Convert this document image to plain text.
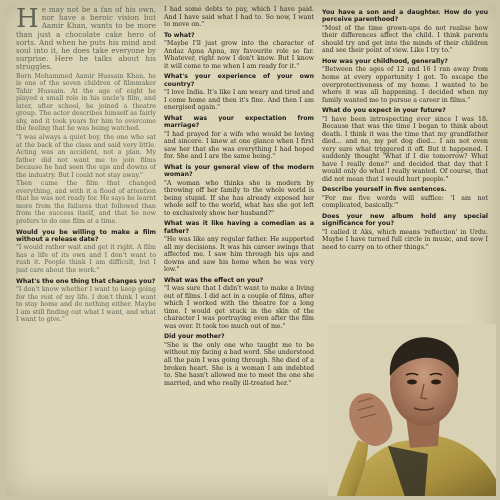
He may not be a fan of his own, nor have a heroic vision but Aamir Khan, wants to be more than just a chocolate cake hero of sorts. And when he puts his mind and soul into it, he does take everyone by surprise. Here he talks about his struggles.

Born Mohammed Aamir Hussain Khan, he is one of the seven children of filmmaker Tahir Hussain. At the age of eight he played a small role in his uncle's film, and later, after school, he joined a theatre group. The actor describes himself as fairly shy, and it took years for him to overcome the feeling that he was being watched.

"I was always a quiet boy, the one who sat at the back of the class and said very little. Acting was an accident, not a plan. My father did not want me to join films because he had seen the ups and downs of the industry. But I could not stay away."

Then came the film that changed everything, and with it a flood of attention that he was not ready for. He says he learnt more from the failures that followed than from the success itself, and that he now prefers to do one film at a time.

Would you be willing to make a film without a release date?

"I would rather wait and get it right. A film has a life of its own and I don't want to rush it. People think I am difficult, but I just care about the work."

What's the one thing that changes you?

"I don't know whether I want to keep going for the rest of my life. I don't think I want to stay home and do nothing either. Maybe I am still finding out what I want, and what I want to give."

I had some debts to pay, which I have paid. And I have said what I had to. So now, I want to move on."

To what?

"Maybe I'll just grow into the character of Andaz Apna Apna, my favourite role so far. Whatever, right now I don't know. But I know it will come to me when I am ready for it."

What's your experience of your own country?

"I love India. It's like I am weary and tired and I come home and then it's fine. And then I am energised again."

What was your expectation from marriage?

"I had prayed for a wife who would be loving and sincere. I knew at one glance when I first saw her that she was everything I had hoped for. She and I are the same being."

What is your general view of the modern woman?

"A woman who thinks she is modern by throwing off her family to the whole world is being stupid. If she has already exposed her whole self to the world, what has she got left to exclusively show her husband?"

What was it like having a comedian as a father?

"He was like any regular father. He supported all my decisions. It was his career swings that affected me. I saw him through his ups and downs and saw his home when he was very low."

What was the effect on you?

"I was sure that I didn't want to make a living out of films. I did act in a couple of films, after which I worked with the theatre for a long time. I would get stuck in the skin of the character I was portraying even after the film was over. It took too much out of me."

Did your mother?

"She is the only one who taught me to be without my facing a bad word. She understood all the pain I was going through. She died of a broken heart. She is a woman I am indebted to. She hasn't allowed me to meet the one she married, and who really ill-treated her."

You have a son and a daughter. How do you perceive parenthood?

"Most of the time grown-ups do not realise how their differences affect the child. I think parents should try and get into the minds of their children and see their point of view. Like I try to."

How was your childhood, generally?

"Between the ages of 12 and 16 I ran away from home at every opportunity I got. To escape the overprotectiveness of my home. I wanted to be where it was all happening. I decided when my family wanted me to pursue a career in films."

What do you expect in your future?

"I have been introspecting ever since I was 18. Because that was the time I began to think about death. I think it was the time that my grandfather died... and no, my pet dog died... I am not even very sure what triggered it off. But it happened. I suddenly thought 'What if I die tomorrow? What have I really done?' and decided that day that I would only do what I really wanted. Of course, that did not mean that I would hurt people."

Describe yourself in five sentences.

"For me five words will suffice: 'I am not complicated, basically.'"

Does your new album hold any special significance for you?

"I called it Aks, which means 'reflection' in Urdu. Maybe I have turned full circle in music, and now I need to carry on to other things."
